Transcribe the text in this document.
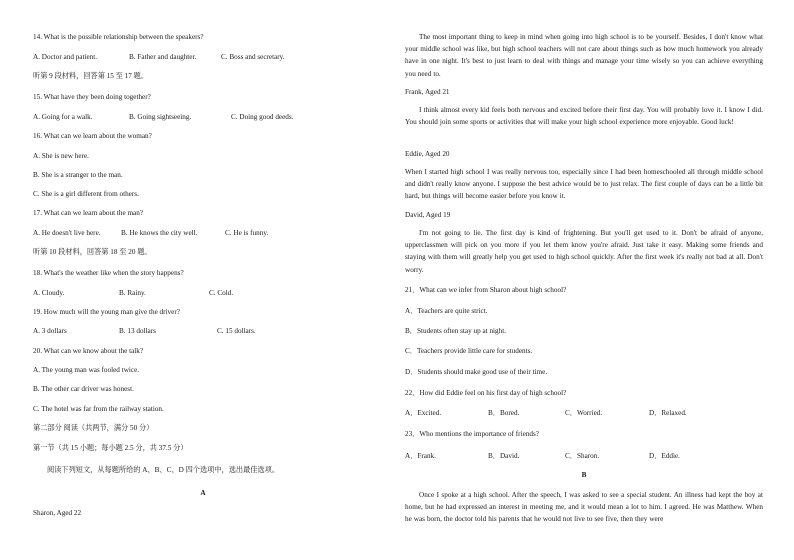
14. What is the possible relationship between the speakers?
A. Doctor and patient.	B. Father and daughter.	C. Boss and secretary.
听第 9 段材料，回答第 15 至 17 题。
15. What have they been doing together?
A. Going for a walk.	B. Going sightseeing.	C. Doing good deeds.
16. What can we learn about the woman?
A. She is new here.
B. She is a stranger to the man.
C. She is a girl different from others.
17. What can we learn about the man?
A. He doesn't live here.	B. He knows the city well.	C. He is funny.
听第 10 段材料，回答第 18 至 20 题。
18. What's the weather like when the story happens?
A. Cloudy.	B. Rainy.	C. Cold.
19. How much will the young man give the driver?
A. 3 dollars	B. 13 dollars	C. 15 dollars.
20. What can we know about the talk?
A. The young man was fooled twice.
B. The other car driver was honest.
C. The hotel was far from the railway station.
第二部分 阅读（共两节，满分 50 分）
第一节（共 15 小题；每小题 2.5 分，共 37.5 分）
阅读下列短文，从每题所给的 A、B、C、D 四个选项中，选出最佳选项。
A
Sharon, Aged 22
The most important thing to keep in mind when going into high school is to be yourself. Besides, I don't know what your middle school was like, but high school teachers will not care about things such as how much homework you already have in one night. It's best to just learn to deal with things and manage your time wisely so you can achieve everything you need to.
Frank, Aged 21
I think almost every kid feels both nervous and excited before their first day. You will probably love it. I know I did. You should join some sports or activities that will make your high school experience more enjoyable. Good luck!
Eddie, Aged 20
When I started high school I was really nervous too, especially since I had been homeschooled all through middle school and didn't really know anyone. I suppose the best advice would be to just relax. The first couple of days can be a little bit hard, but things will become easier before you know it.
David, Aged 19
I'm not going to lie. The first day is kind of frightening. But you'll get used to it. Don't be afraid of anyone, upperclassmen will pick on you more if you let them know you're afraid. Just take it easy. Making some friends and staying with them will greatly help you get used to high school quickly. After the first week it's really not bad at all. Don't worry.
21．What can we infer from Sharon about high school?
A．Teachers are quite strict.
B．Students often stay up at night.
C．Teachers provide little care for students.
D．Students should make good use of their time.
22．How did Eddie feel on his first day of high school?
A．Excited.	B．Bored.	C．Worried.	D．Relaxed.
23．Who mentions the importance of friends?
A．Frank.	B．David.	C．Sharon.	D．Eddie.
B
Once I spoke at a high school. After the speech, I was asked to see a special student. An illness had kept the boy at home, but he had expressed an interest in meeting me, and it would mean a lot to him. I agreed. He was Matthew. When he was born, the doctor told his parents that he would not live to see five, then they were
